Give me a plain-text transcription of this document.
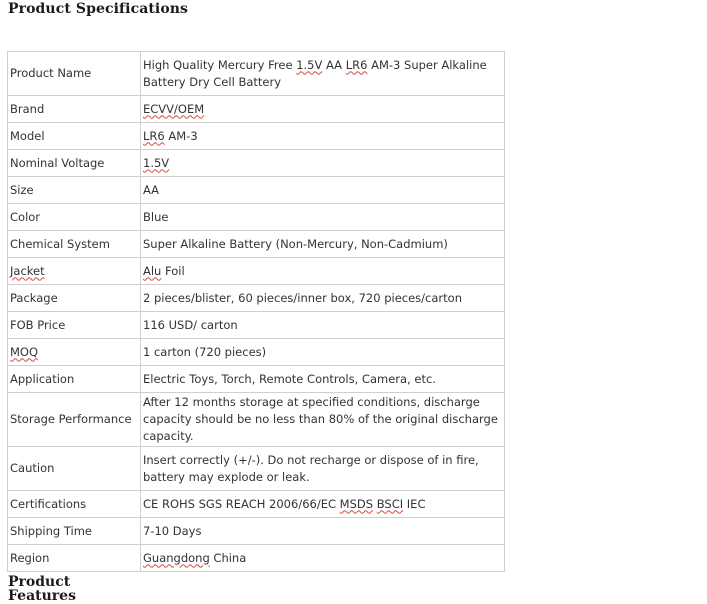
Product Specifications
Product Name	High Quality Mercury Free 1.5V AA LR6 AM-3 Super Alkaline Battery Dry Cell Battery
Brand	ECVV/OEM
Model	LR6 AM-3
Nominal Voltage	1.5V
Size	AA
Color	Blue
Chemical System	Super Alkaline Battery (Non-Mercury, Non-Cadmium)
Jacket	Alu Foil
Package	2 pieces/blister, 60 pieces/inner box, 720 pieces/carton
FOB Price	116 USD/ carton
MOQ	1 carton (720 pieces)
Application	Electric Toys, Torch, Remote Controls, Camera, etc.
Storage Performance	After 12 months storage at specified conditions, discharge capacity should be no less than 80% of the original discharge capacity.
Caution	Insert correctly (+/-). Do not recharge or dispose of in fire, battery may explode or leak.
Certifications	CE ROHS SGS REACH 2006/66/EC MSDS BSCI IEC
Shipping Time	7-10 Days
Region	Guangdong China
Product Features
